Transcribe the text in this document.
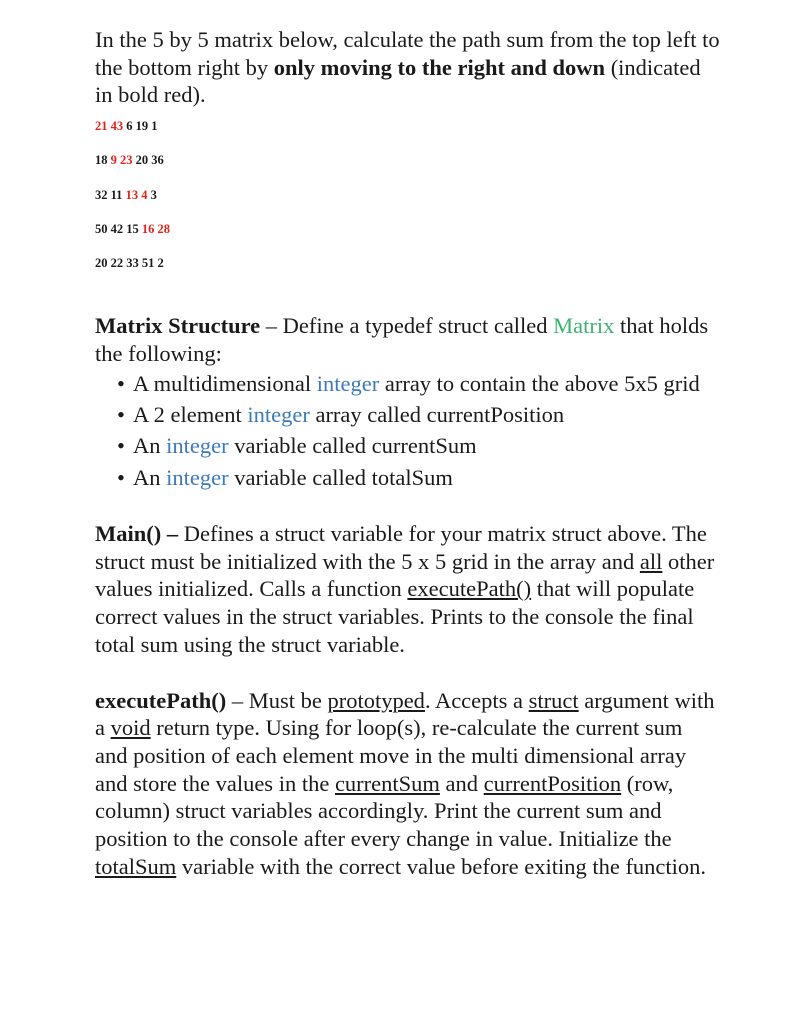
In the 5 by 5 matrix below, calculate the path sum from the top left to the bottom right by only moving to the right and down (indicated in bold red).

21 43 6 19 1
18 9 23 20 36
32 11 13 4 3
50 42 15 16 28
20 22 33 51 2

Matrix Structure – Define a typedef struct called Matrix that holds the following:

• A multidimensional integer array to contain the above 5x5 grid
• A 2 element integer array called currentPosition
• An integer variable called currentSum
• An integer variable called totalSum

Main() – Defines a struct variable for your matrix struct above. The struct must be initialized with the 5 x 5 grid in the array and all other values initialized. Calls a function executePath() that will populate correct values in the struct variables. Prints to the console the final total sum using the struct variable.

executePath() – Must be prototyped. Accepts a struct argument with a void return type. Using for loop(s), re-calculate the current sum and position of each element move in the multi dimensional array and store the values in the currentSum and currentPosition (row, column) struct variables accordingly. Print the current sum and position to the console after every change in value. Initialize the totalSum variable with the correct value before exiting the function.
